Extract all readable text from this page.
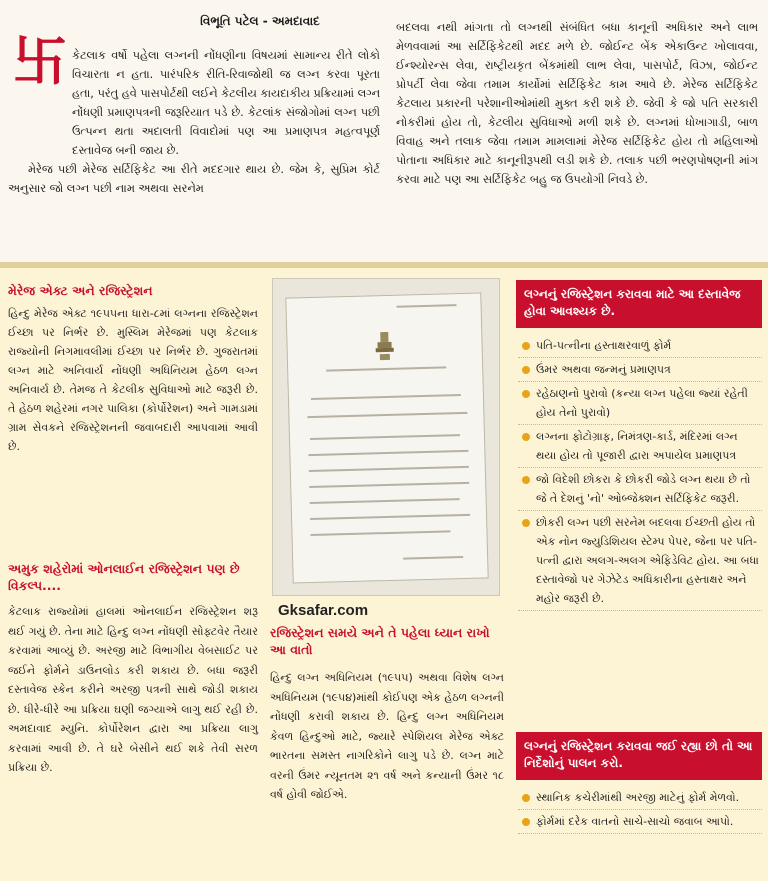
વિભૂતિ પટેલ - અમદાવાદ
卐 કેટલાક વર્ષો પહેલા લગ્નની નોંધણીના વિષયમાં સામાન્ય રીતે લોકો વિચારતા ન હતા. પારંપરિક રીતિ-રિવાજોથી જ લગ્ન કરવા પૂરતા હતા, પરંતુ હવે પાસપોર્ટથી લઈને કેટલીય કાયદાકીય પ્રક્રિયામાં લગ્ન નોંધણી પ્રમાણપત્રની જરૂરિયાત પડે છે. કેટલાંક સંજોગોમાં લગ્ન પછી ઉત્પન્ન થતા અદાલતી વિવાદોમાં પણ આ પ્રમાણપત્ર મહત્વપૂર્ણ દસ્તાવેજ બની જાય છે.

મેરેજ પછી મેરેજ સર્ટિફિકેટ આ રીતે મદદગાર થાય છે. જેમ કે, સુપ્રિમ કોર્ટ અનુસાર જો લગ્ન પછી નામ અથવા સરનેમ

બદલવા નથી માંગતા તો લગ્નથી સંબંધિત બધા કાનૂની અધિકાર અને લાભ મેળવવામાં આ સર્ટિફિકેટથી મદદ મળે છે. જોઈન્ટ બેંક એકાઉન્ટ ખોલાવવા, ઈન્શ્યોરન્સ લેવા, રાષ્ટ્રીયકૃત બેંકમાંથી લાભ લેવા, પાસપોર્ટ, વિઝા, જોઈન્ટ પ્રોપર્ટી લેવા જેવા તમામ કાર્યોમાં સર્ટિફિકેટ કામ આવે છે. મેરેજ સર્ટિફિકેટ કેટલાય પ્રકારની પરેશાનીઓમાંથી મુક્ત કરી શકે છે. જેવી કે જો પતિ સરકારી નોકરીમાં હોય તો, કેટલીય સુવિધાઓ મળી શકે છે. લગ્નમાં ધોખાગાડી, બાળ વિવાહ અને તલાક જેવા તમામ મામલામાં મેરેજ સર્ટિફિકેટ હોય તો મહિલાઓ પોતાના અધિકાર માટે કાનૂનીરૂપથી લડી શકે છે. તલાક પછી ભરણપોષણની માંગ કરવા માટે પણ આ સર્ટિફિકેટ બહુ જ ઉપયોગી નિવડે છે.

મેરેજ એક્ટ અને રજિસ્ટ્રેશન
હિન્દુ મેરેજ એક્ટ ૧૯૫૫ના ધારા-૮માં લગ્નના રજિસ્ટ્રેશન ઈચ્છા પર નિર્ભર છે. મુસ્લિમ મેરેજમાં પણ કેટલાક રાજ્યોની નિગમાવલીમાં ઈચ્છા પર નિર્ભર છે. ગુજરાતમાં લગ્ન માટે અનિવાર્ય નોંધણી અધિનિયમ હેઠળ લગ્ન અનિવાર્ય છે. તેમજ તે કેટલીક સુવિધાઓ માટે જરૂરી છે. તે હેઠળ શહેરમાં નગર પાલિકા (કોર્પોરેશન) અને ગામડામાં ગ્રામ સેવકને રજિસ્ટ્રેશનની જવાબદારી આપવામાં આવી છે.
અમુક શહેરોમાં ઓનલાઈન રજિસ્ટ્રેશન પણ છે વિકલ્પ....
કેટલાક રાજ્યોમાં હાલમાં ઓનલાઈન રજિસ્ટ્રેશન શરૂ થઈ ગયું છે. તેના માટે હિન્દુ લગ્ન નોંધણી સોફ્ટવેર તૈયાર કરવામાં આવ્યું છે. અરજી માટે વિભાગીય વેબસાઈટ પર જઈને ફોર્મને ડાઉનલોડ કરી શકાય છે. બધા જરૂરી દસ્તાવેજ સ્કેન કરીને અરજી પત્રની સાથે જોડી શકાય છે. ધીરે-ધીરે આ પ્રક્રિયા ઘણી જગ્યાએ લાગુ થઈ રહી છે. અમદાવાદ મ્યુનિ. કોર્પોરેશન દ્વારા આ પ્રક્રિયા લાગુ કરવામાં આવી છે. તે ઘરે બેસીને થઈ શકે તેવી સરળ પ્રક્રિયા છે.
Gksafar.com
રજિસ્ટ્રેશન સમયે અને તે પહેલા ધ્યાન રાખો આ વાતો
હિન્દુ લગ્ન અધિનિયમ (૧૯૫૫) અથવા વિશેષ લગ્ન અધિનિયમ (૧૯૫૪)માંથી કોઈપણ એક હેઠળ લગ્નની નોંધણી કરાવી શકાય છે. હિન્દુ લગ્ન અધિનિયમ કેવળ હિન્દુઓ માટે, જ્યારે સ્પેશિયલ મેરેજ એક્ટ ભારતના સમસ્ત નાગરિકોને લાગુ પડે છે. લગ્ન માટે વરની ઉંમર ન્યૂનતમ ૨૧ વર્ષ અને કન્યાની ઉંમર ૧૮ વર્ષ હોવી જોઈએ.
લગ્નનું રજિસ્ટ્રેશન કરાવવા માટે આ દસ્તાવેજ હોવા આવશ્યક છે.
પતિ-પત્નીના હસ્તાક્ષરવાળું ફોર્મ
ઉંમર અથવા જન્મનું પ્રમાણપત્ર
રહેઠાણનો પુરાવો (કન્યા લગ્ન પહેલા જ્યાં રહેતી હોય તેનો પુરાવો)
લગ્નના ફોટોગ્રાફ, નિમંત્રણ-કાર્ડ, મંદિરમાં લગ્ન થયા હોય તો પૂજારી દ્વારા અપાયેલ પ્રમાણપત્ર
જો વિદેશી છોકરા કે છોકરી જોડે લગ્ન થયા છે તો જે તે દેશનું 'નો' ઓબ્જેક્શન સર્ટિફિકેટ જરૂરી.
છોકરી લગ્ન પછી સરનેમ બદલવા ઈચ્છતી હોય તો એક નોન જ્યુડિશિયલ સ્ટેમ્પ પેપર, જેના પર પતિ-પત્ની દ્વારા અલગ-અલગ એફિડેવિટ હોય. આ બધા દસ્તાવેજો પર ગેઝેટેડ અધિકારીના હસ્તાક્ષર અને મહોર જરૂરી છે.
લગ્નનું રજિસ્ટ્રેશન કરાવવા જઈ રહ્યા છો તો આ નિર્દેશોનું પાલન કરો.
સ્થાનિક કચેરીમાંથી અરજી માટેનું ફોર્મ મેળવો.
ફોર્મમાં દરેક વાતનો સાચે-સાચો જવાબ આપો.
